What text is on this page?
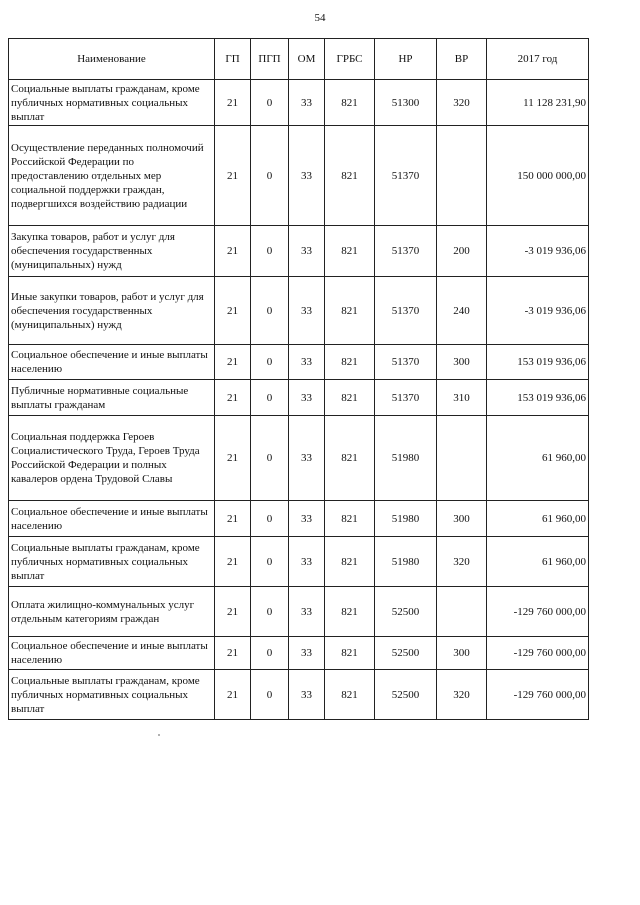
54
Наименование	ГП	ПГП	ОМ	ГРБС	НР	ВР	2017 год
Социальные выплаты гражданам, кроме публичных нормативных социальных выплат	21	0	33	821	51300	320	11 128 231,90
Осуществление переданных полномочий Российской Федерации по предоставлению отдельных мер социальной поддержки граждан, подвергшихся воздействию радиации	21	0	33	821	51370		150 000 000,00
Закупка товаров, работ и услуг для обеспечения государственных (муниципальных) нужд	21	0	33	821	51370	200	-3 019 936,06
Иные закупки товаров, работ и услуг для обеспечения государственных (муниципальных) нужд	21	0	33	821	51370	240	-3 019 936,06
Социальное обеспечение и иные выплаты населению	21	0	33	821	51370	300	153 019 936,06
Публичные нормативные социальные выплаты гражданам	21	0	33	821	51370	310	153 019 936,06
Социальная поддержка Героев Социалистического Труда, Героев Труда Российской Федерации и полных кавалеров ордена Трудовой Славы	21	0	33	821	51980		61 960,00
Социальное обеспечение и иные выплаты населению	21	0	33	821	51980	300	61 960,00
Социальные выплаты гражданам, кроме публичных нормативных социальных выплат	21	0	33	821	51980	320	61 960,00
Оплата жилищно-коммунальных услуг отдельным категориям граждан	21	0	33	821	52500		-129 760 000,00
Социальное обеспечение и иные выплаты населению	21	0	33	821	52500	300	-129 760 000,00
Социальные выплаты гражданам, кроме публичных нормативных социальных выплат	21	0	33	821	52500	320	-129 760 000,00
